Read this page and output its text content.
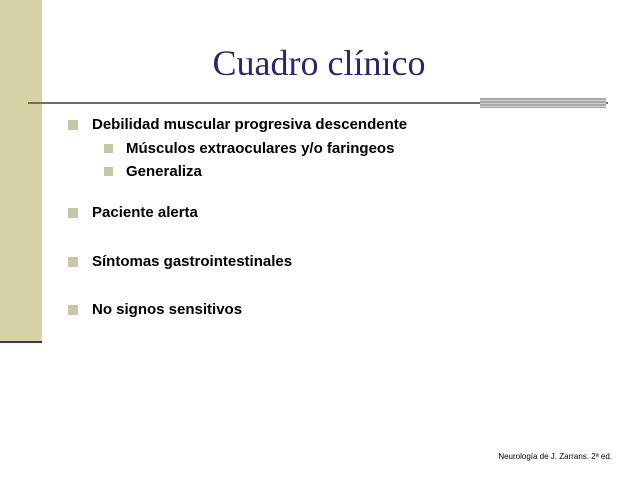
Cuadro clínico
Debilidad muscular progresiva descendente
Músculos extraoculares y/o faringeos
Generaliza
Paciente alerta
Síntomas gastrointestinales
No signos sensitivos
Neurología de J. Zarrans. 2ª ed.
